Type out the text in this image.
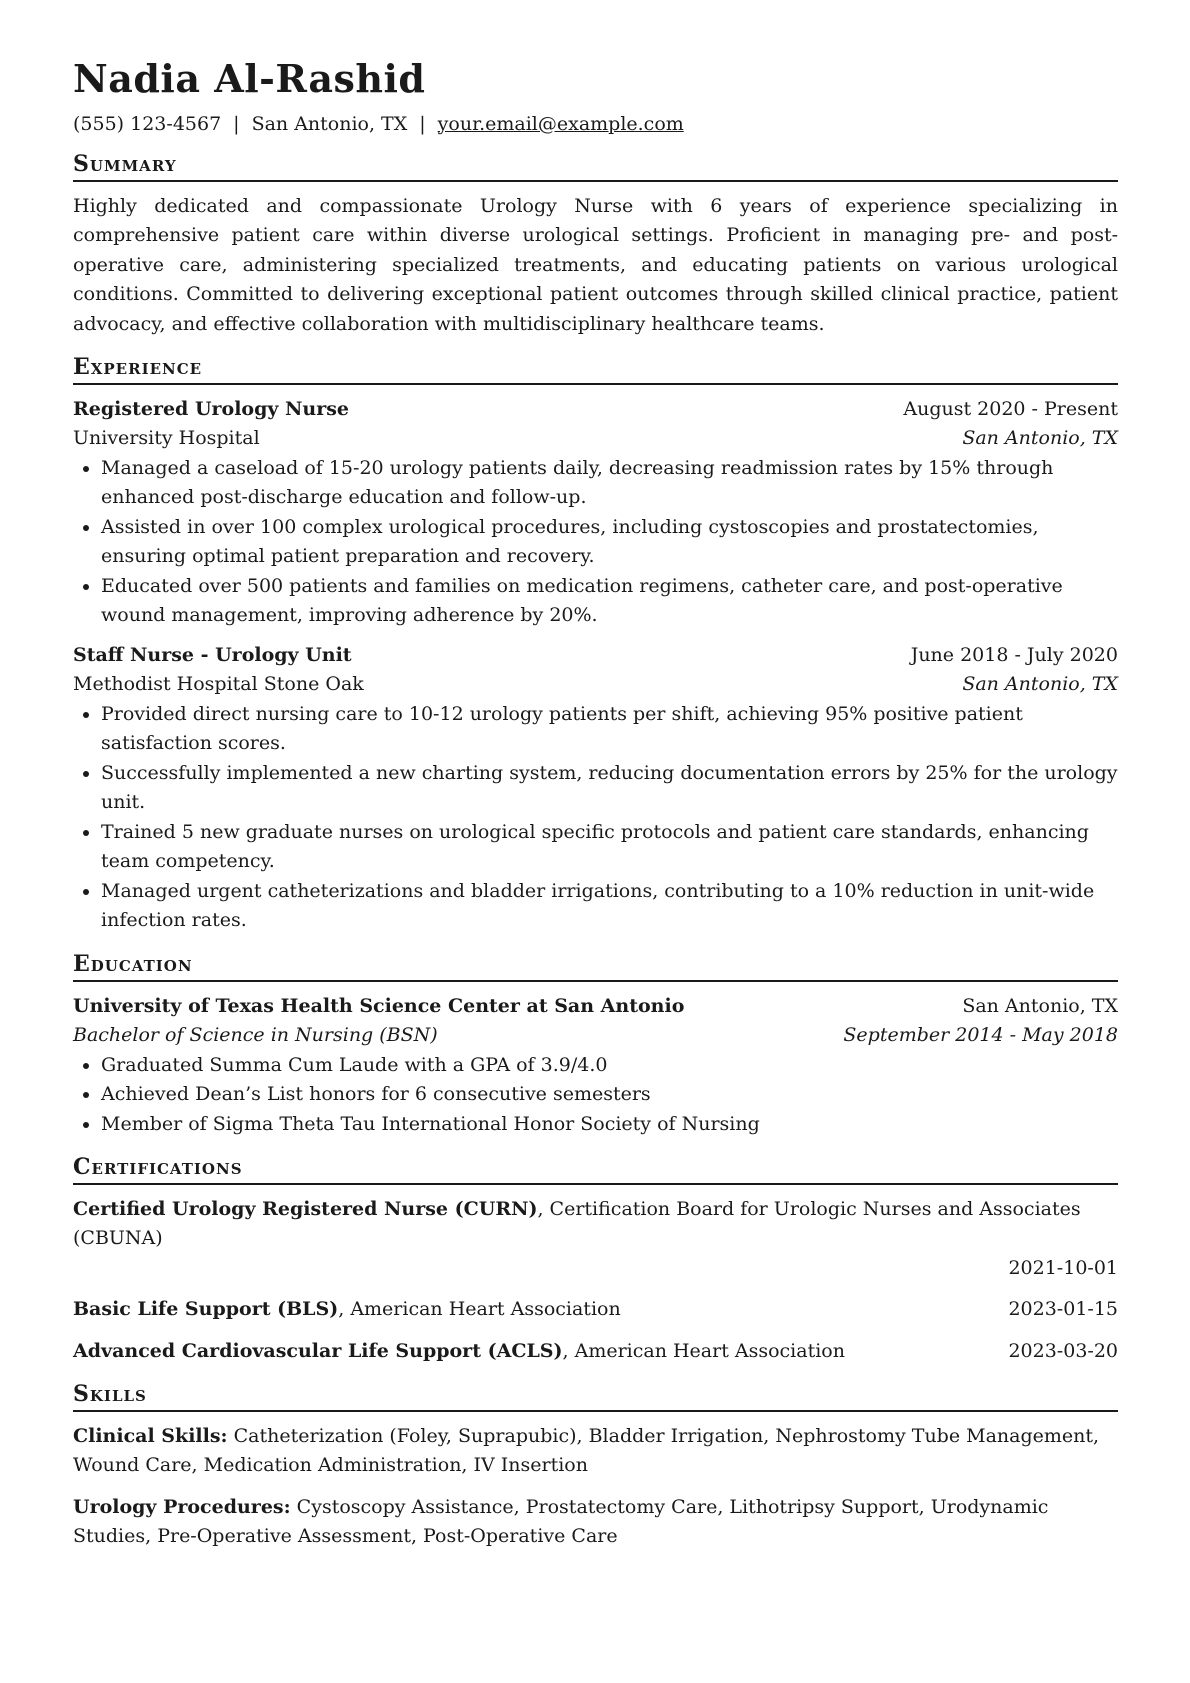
Nadia Al-Rashid
(555) 123-4567 | San Antonio, TX | your.email@example.com
Summary

Highly dedicated and compassionate Urology Nurse with 6 years of experience specializing in comprehensive patient care within diverse urological settings. Proficient in managing pre- and post-operative care, administering specialized treatments, and educating patients on various urological conditions. Committed to delivering exceptional patient outcomes through skilled clinical practice, patient advocacy, and effective collaboration with multidisciplinary healthcare teams.

Experience
Registered Urology Nurse	August 2020 - Present
University Hospital	San Antonio, TX
• Managed a caseload of 15-20 urology patients daily, decreasing readmission rates by 15% through enhanced post-discharge education and follow-up.
• Assisted in over 100 complex urological procedures, including cystoscopies and prostatectomies, ensuring optimal patient preparation and recovery.
• Educated over 500 patients and families on medication regimens, catheter care, and post-operative wound management, improving adherence by 20%.
Staff Nurse - Urology Unit	June 2018 - July 2020
Methodist Hospital Stone Oak	San Antonio, TX
• Provided direct nursing care to 10-12 urology patients per shift, achieving 95% positive patient satisfaction scores.
• Successfully implemented a new charting system, reducing documentation errors by 25% for the urology unit.
• Trained 5 new graduate nurses on urological specific protocols and patient care standards, enhancing team competency.
• Managed urgent catheterizations and bladder irrigations, contributing to a 10% reduction in unit-wide infection rates.
Education
University of Texas Health Science Center at San Antonio	San Antonio, TX
Bachelor of Science in Nursing (BSN)	September 2014 - May 2018
• Graduated Summa Cum Laude with a GPA of 3.9/4.0
• Achieved Dean’s List honors for 6 consecutive semesters
• Member of Sigma Theta Tau International Honor Society of Nursing
Certifications
Certified Urology Registered Nurse (CURN), Certification Board for Urologic Nurses and Associates (CBUNA)
2021-10-01
Basic Life Support (BLS), American Heart Association	2023-01-15
Advanced Cardiovascular Life Support (ACLS), American Heart Association	2023-03-20
Skills
Clinical Skills: Catheterization (Foley, Suprapubic), Bladder Irrigation, Nephrostomy Tube Management, Wound Care, Medication Administration, IV Insertion
Urology Procedures: Cystoscopy Assistance, Prostatectomy Care, Lithotripsy Support, Urodynamic Studies, Pre-Operative Assessment, Post-Operative Care
